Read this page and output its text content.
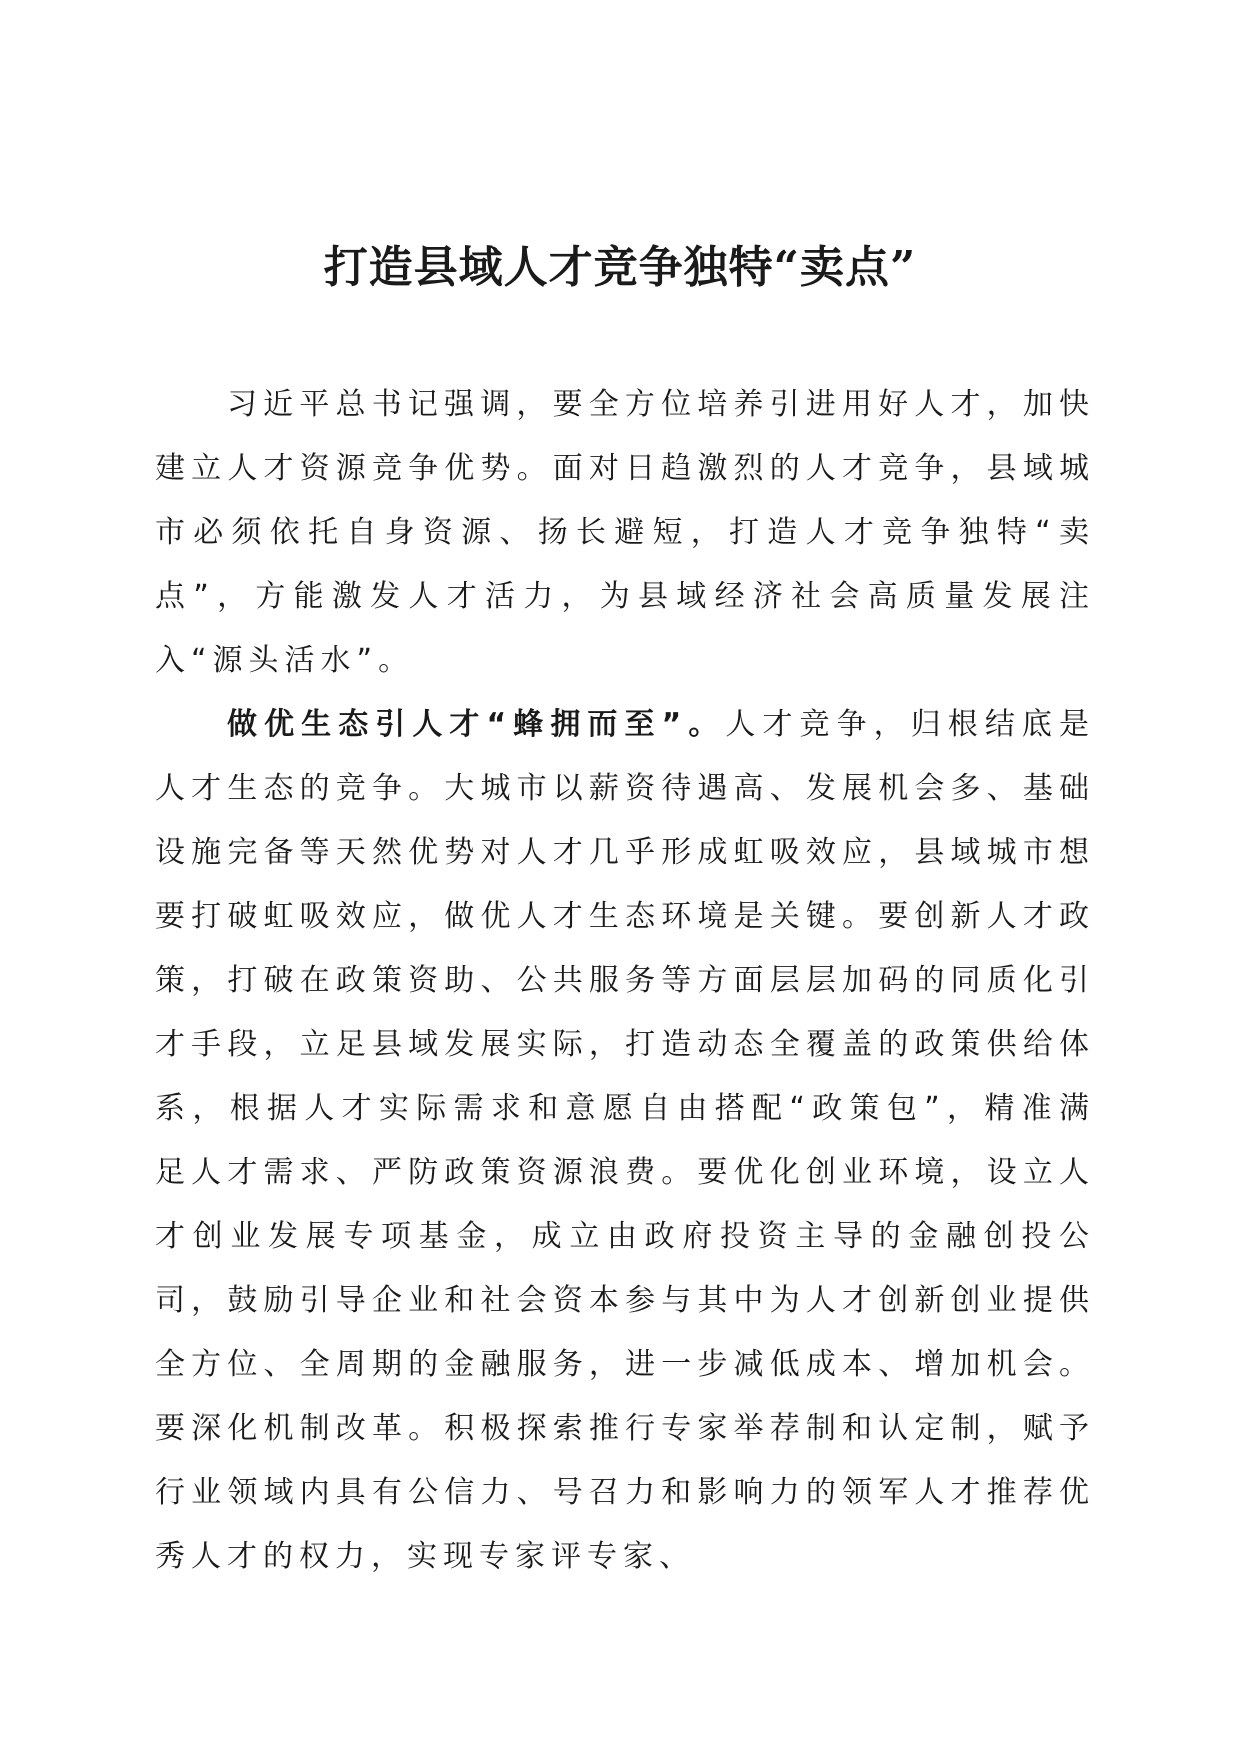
打造县域人才竞争独特“卖点”

习近平总书记强调，要全方位培养引进用好人才，加快建立人才资源竞争优势。面对日趋激烈的人才竞争，县域城市必须依托自身资源、扬长避短，打造人才竞争独特“卖点”，方能激发人才活力，为县域经济社会高质量发展注入“源头活水”。

做优生态引人才“蜂拥而至”。人才竞争，归根结底是人才生态的竞争。大城市以薪资待遇高、发展机会多、基础设施完备等天然优势对人才几乎形成虹吸效应，县域城市想要打破虹吸效应，做优人才生态环境是关键。要创新人才政策，打破在政策资助、公共服务等方面层层加码的同质化引才手段，立足县域发展实际，打造动态全覆盖的政策供给体系，根据人才实际需求和意愿自由搭配“政策包”，精准满足人才需求、严防政策资源浪费。要优化创业环境，设立人才创业发展专项基金，成立由政府投资主导的金融创投公司，鼓励引导企业和社会资本参与其中为人才创新创业提供全方位、全周期的金融服务，进一步减低成本、增加机会。要深化机制改革。积极探索推行专家举荐制和认定制，赋予行业领域内具有公信力、号召力和影响力的领军人才推荐优秀人才的权力，实现专家评专家、
